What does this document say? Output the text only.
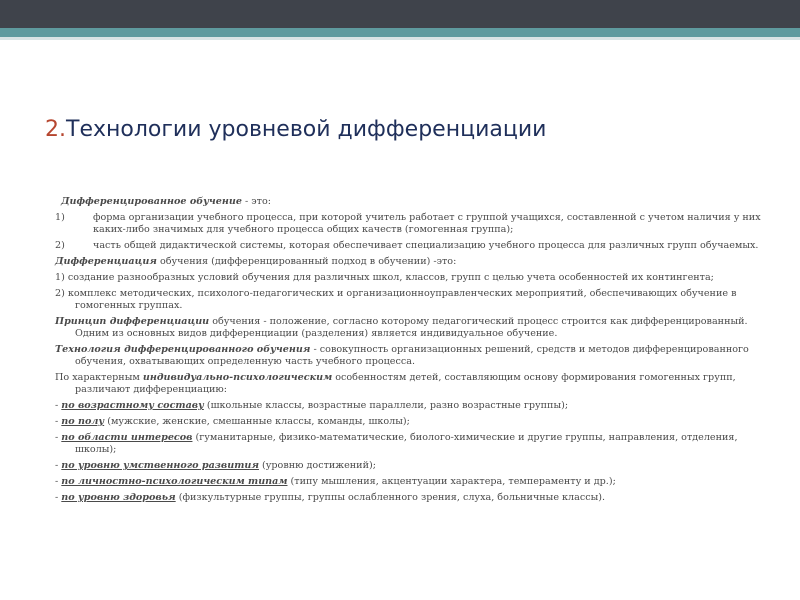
2.Технологии уровневой дифференциации

Дифференцированное обучение - это:

1)	форма организации учебного процесса, при которой учитель работает с группой учащихся, составленной с учетом наличия у них каких-либо значимых для учебного процесса общих качеств (гомогенная группа);
2)	часть общей дидактической системы, которая обеспечивает специализацию учебного процесса для различных групп обучаемых.

Дифференциация обучения (дифференцированный подход в обучении) -это:

1) создание разнообразных условий обучения для различных школ, классов, групп с целью учета особенностей их контингента;

2) комплекс методических, психолого-педагогических и организационноуправленческих мероприятий, обеспечивающих обучение в гомогенных группах.

Принцип дифференциации обучения - положение, согласно которому педагогический процесс строится как дифференцированный. Одним из основных видов дифференциации (разделения) является индивидуальное обучение.

Технология дифференцированного обучения - совокупность организационных решений, средств и методов дифференцированного обучения, охватывающих определенную часть учебного процесса.

По характерным индивидуально-психологическим особенностям детей, составляющим основу формирования гомогенных групп, различают дифференциацию:

- по возрастному составу (школьные классы, возрастные параллели, разно возрастные группы);

- по полу (мужские, женские, смешанные классы, команды, школы);

- по области интересов (гуманитарные, физико-математические, биолого-химические и другие группы, направления, отделения, школы);

- по уровню умственного развития (уровню достижений);

- по личностно-психологическим типам (типу мышления, акцентуации характера, темпераменту и др.);

- по уровню здоровья (физкультурные группы, группы ослабленного зрения, слуха, больничные классы).
